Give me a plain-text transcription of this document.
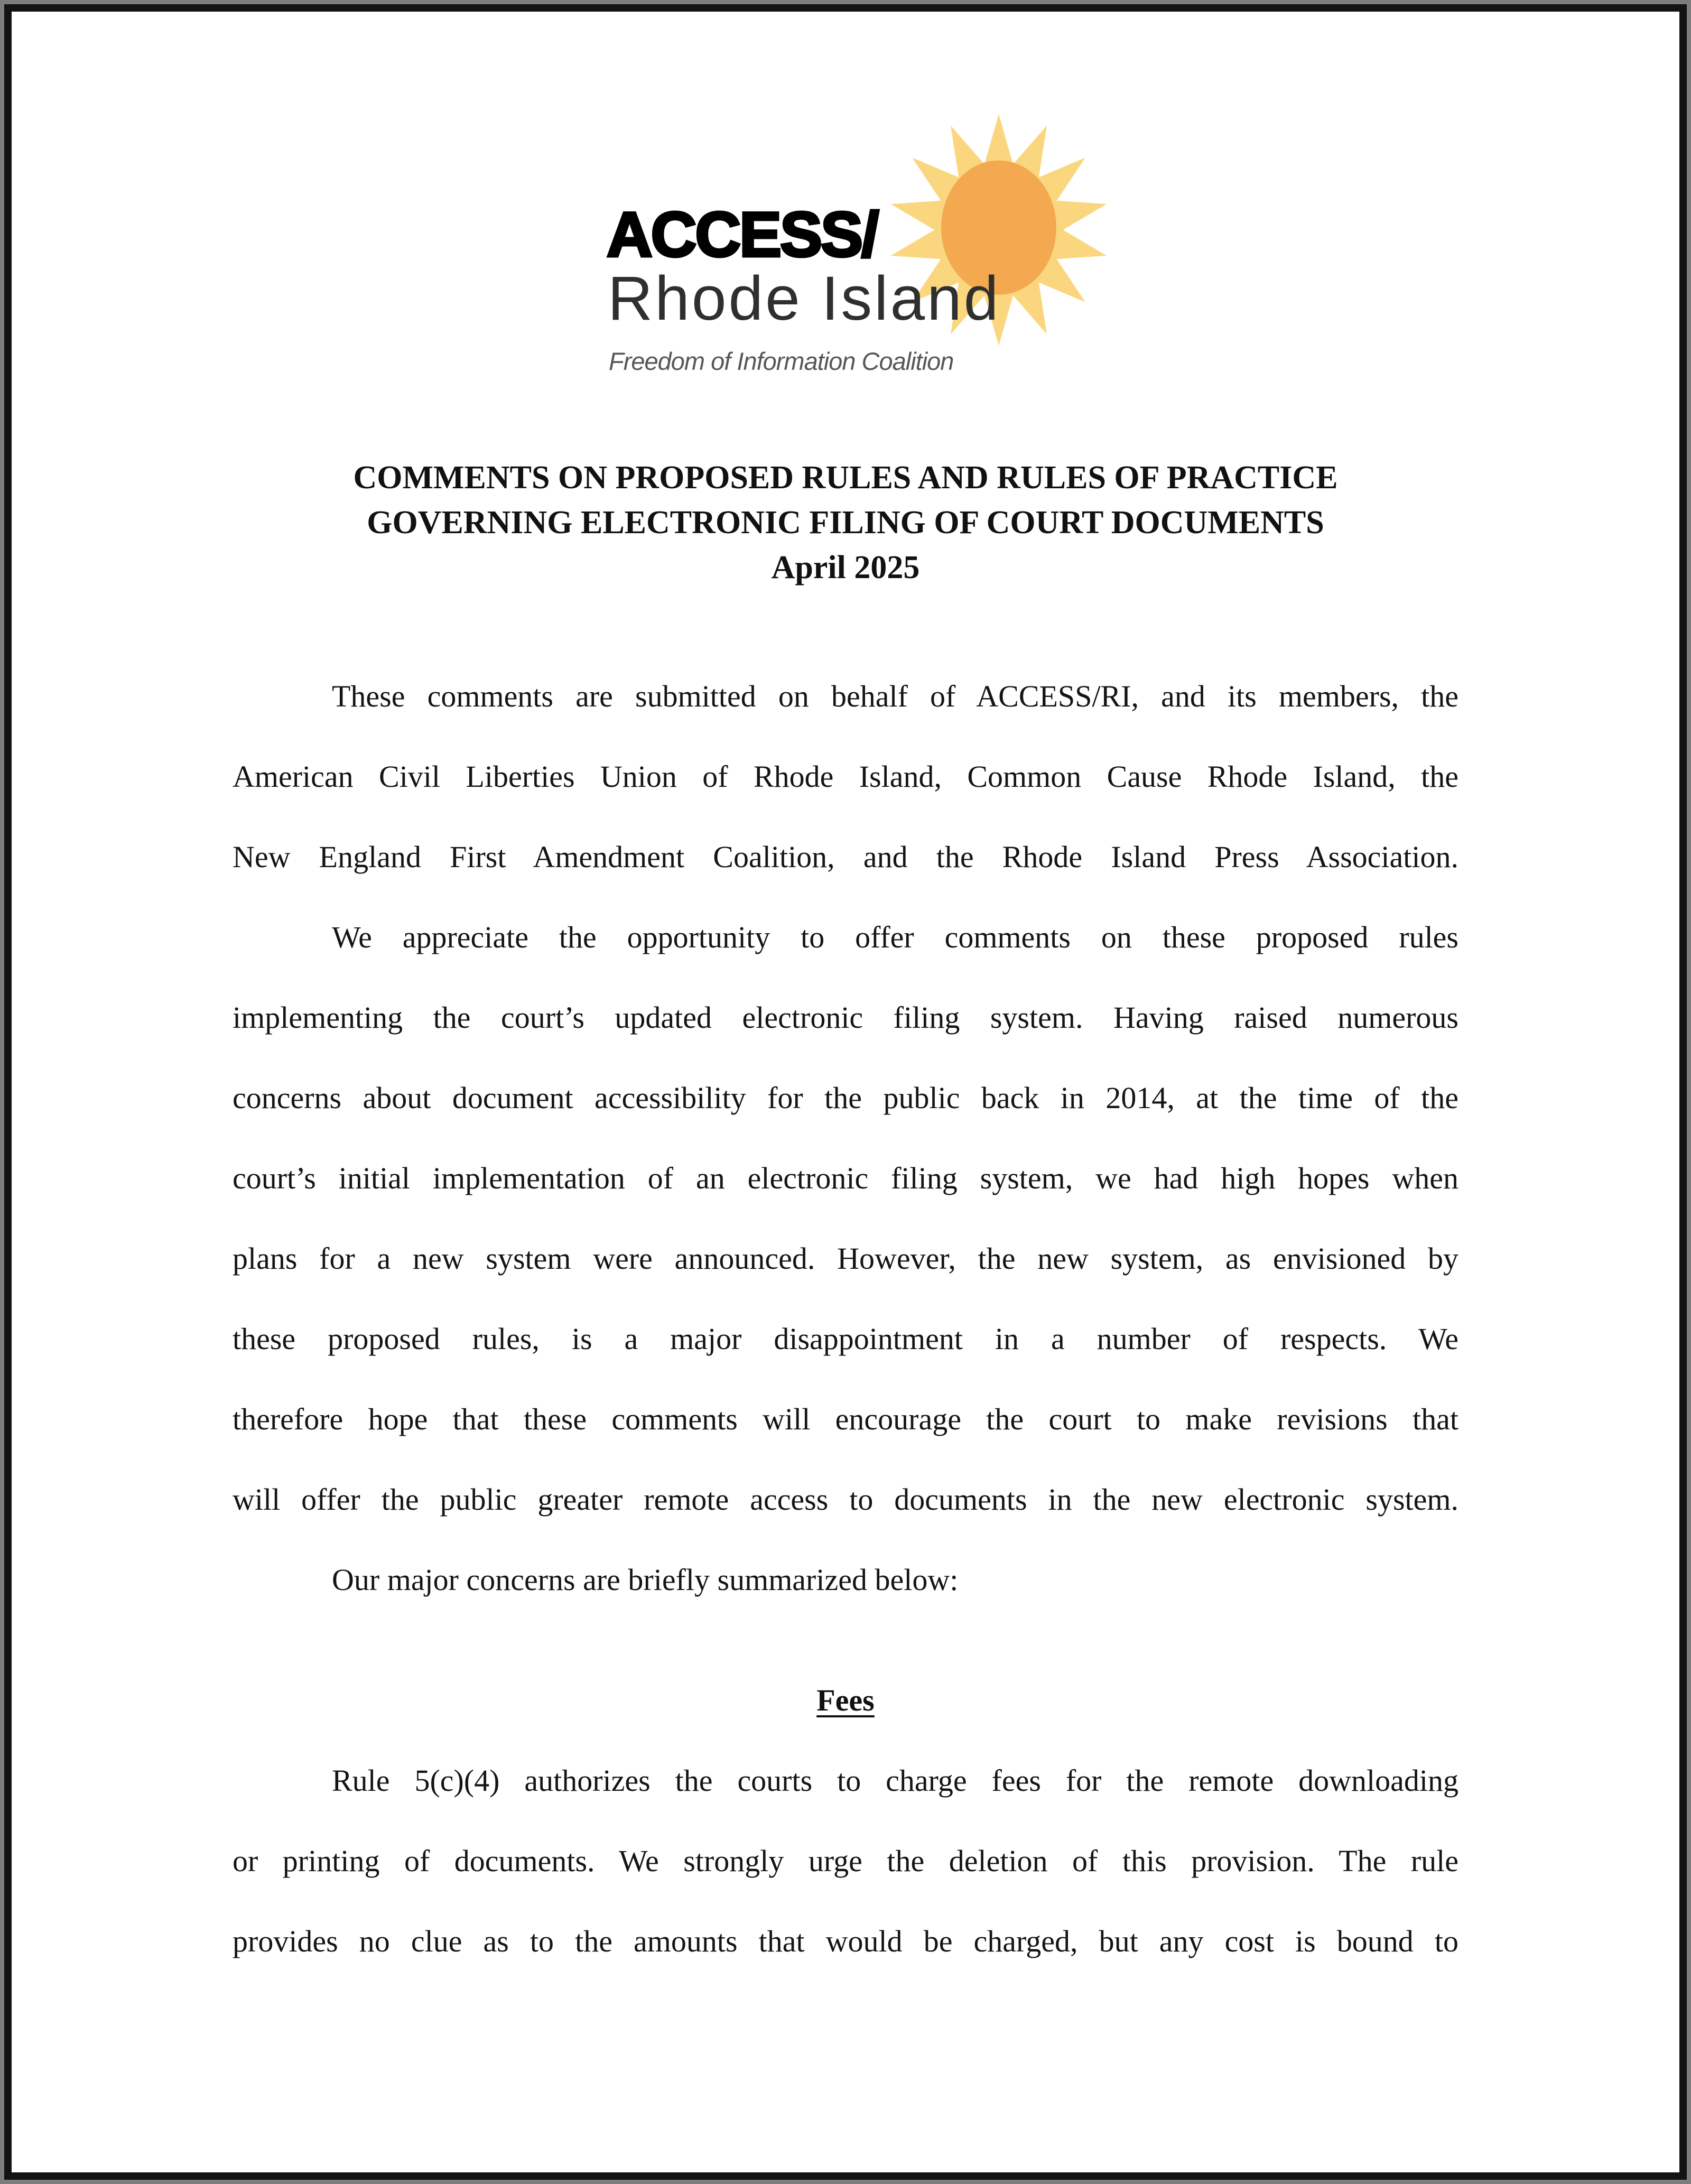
ACCESS/
Rhode Island
Freedom of Information Coalition
COMMENTS ON PROPOSED RULES AND RULES OF PRACTICE
GOVERNING ELECTRONIC FILING OF COURT DOCUMENTS
April 2025
These comments are submitted on behalf of ACCESS/RI, and its members, the
American Civil Liberties Union of Rhode Island, Common Cause Rhode Island, the
New England First Amendment Coalition, and the Rhode Island Press Association.
We appreciate the opportunity to offer comments on these proposed rules
implementing the court’s updated electronic filing system. Having raised numerous
concerns about document accessibility for the public back in 2014, at the time of the
court’s initial implementation of an electronic filing system, we had high hopes when
plans for a new system were announced. However, the new system, as envisioned by
these proposed rules, is a major disappointment in a number of respects. We
therefore hope that these comments will encourage the court to make revisions that
will offer the public greater remote access to documents in the new electronic system.
Our major concerns are briefly summarized below:
Fees
Rule 5(c)(4) authorizes the courts to charge fees for the remote downloading
or printing of documents. We strongly urge the deletion of this provision. The rule
provides no clue as to the amounts that would be charged, but any cost is bound to
